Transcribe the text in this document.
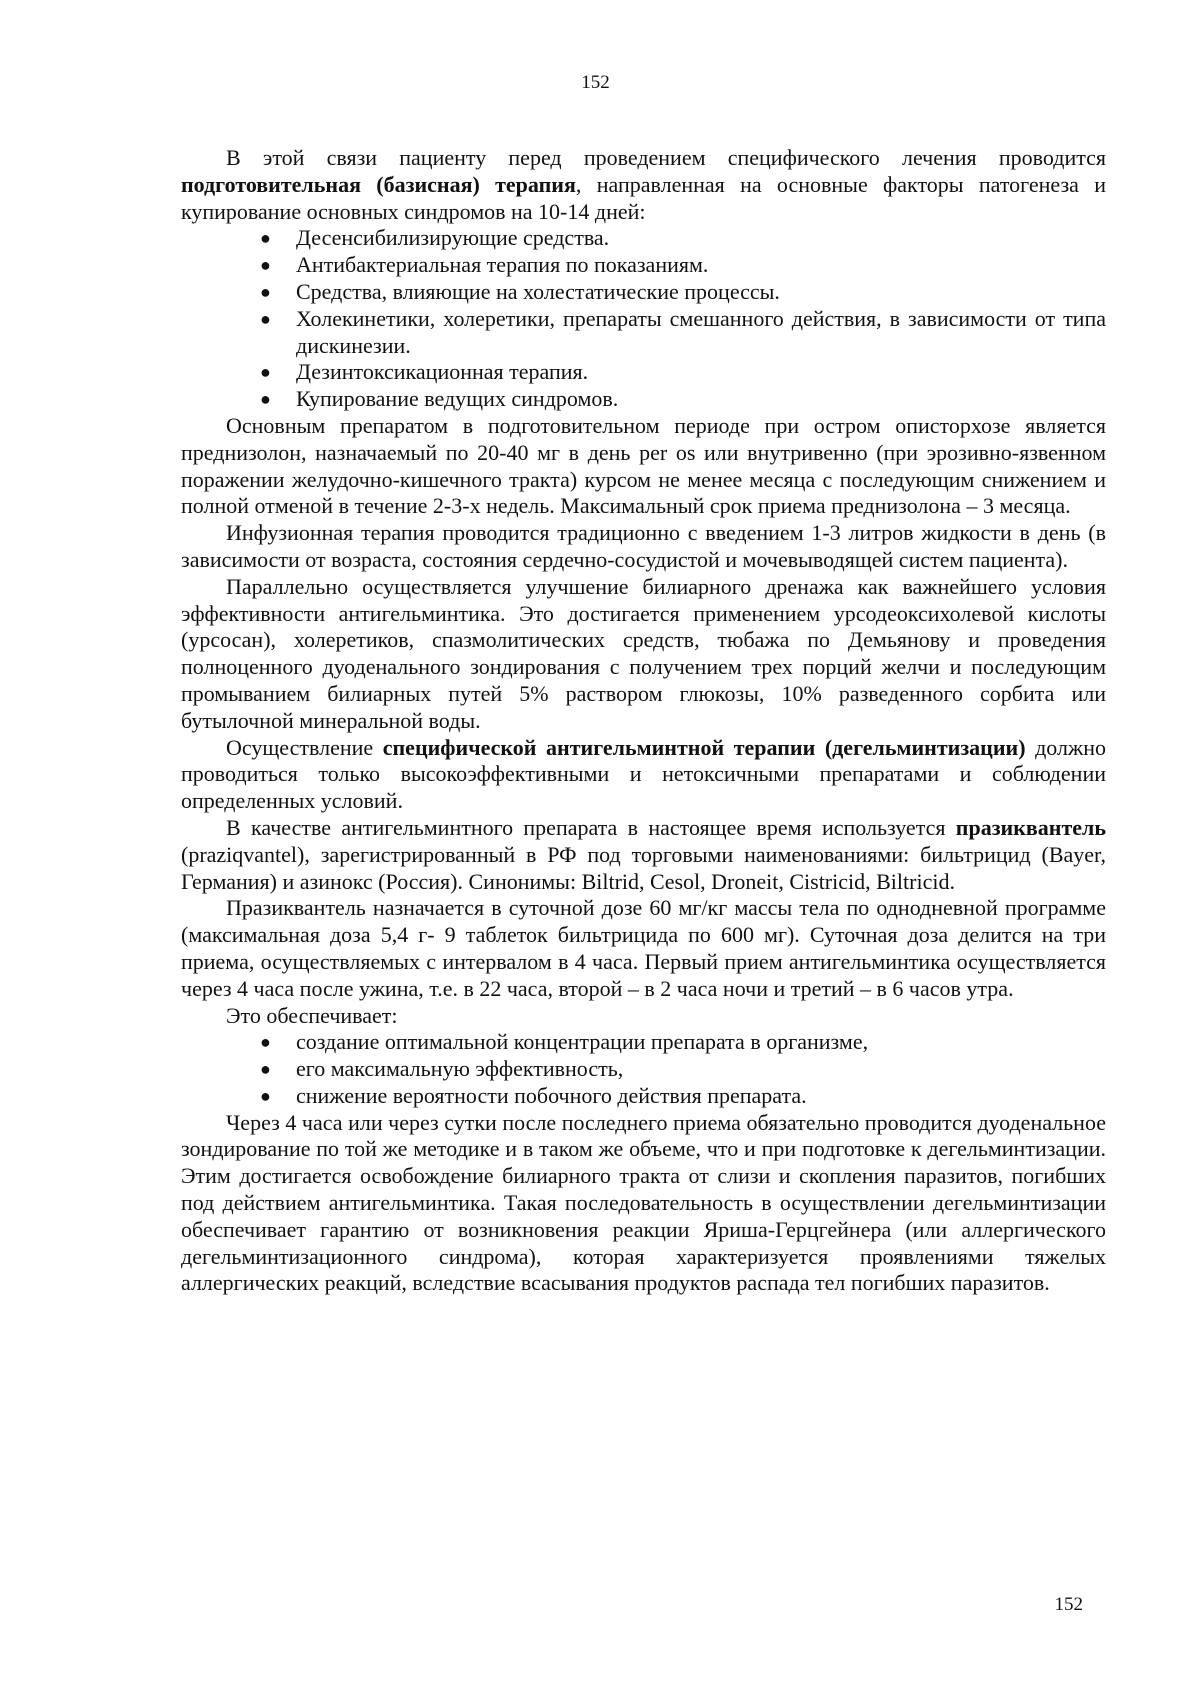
152

В этой связи пациенту перед проведением специфического лечения проводится подготовительная (базисная) терапия, направленная на основные факторы патогенеза и купирование основных синдромов на 10-14 дней:

● Десенсибилизирующие средства.
● Антибактериальная терапия по показаниям.
● Средства, влияющие на холестатические процессы.
● Холекинетики, холеретики, препараты смешанного действия, в зависимости от типа дискинезии.
● Дезинтоксикационная терапия.
● Купирование ведущих синдромов.

Основным препаратом в подготовительном периоде при остром описторхозе является преднизолон, назначаемый по 20-40 мг в день per os или внутривенно (при эрозивно-язвенном поражении желудочно-кишечного тракта) курсом не менее месяца с последующим снижением и полной отменой в течение 2-3-х недель. Максимальный срок приема преднизолона – 3 месяца.

Инфузионная терапия проводится традиционно с введением 1-3 литров жидкости в день (в зависимости от возраста, состояния сердечно-сосудистой и мочевыводящей систем пациента).

Параллельно осуществляется улучшение билиарного дренажа как важнейшего условия эффективности антигельминтика. Это достигается применением урсодеоксихолевой кислоты (урсосан), холеретиков, спазмолитических средств, тюбажа по Демьянову и проведения полноценного дуоденального зондирования с получением трех порций желчи и последующим промыванием билиарных путей 5% раствором глюкозы, 10% разведенного сорбита или бутылочной минеральной воды.

Осуществление специфической антигельминтной терапии (дегельминтизации) должно проводиться только высокоэффективными и нетоксичными препаратами и соблюдении определенных условий.

В качестве антигельминтного препарата в настоящее время используется празиквантель (praziqvantel), зарегистрированный в РФ под торговыми наименованиями: бильтрицид (Bayer, Германия) и азинокс (Россия). Синонимы: Biltrid, Cesol, Droneit, Cistricid, Biltricid.

Празиквантель назначается в суточной дозе 60 мг/кг массы тела по однодневной программе (максимальная доза 5,4 г- 9 таблеток бильтрицида по 600 мг). Суточная доза делится на три приема, осуществляемых с интервалом в 4 часа. Первый прием антигельминтика осуществляется через 4 часа после ужина, т.е. в 22 часа, второй – в 2 часа ночи и третий – в 6 часов утра.

Это обеспечивает:

● создание оптимальной концентрации препарата в организме,
● его максимальную эффективность,
● снижение вероятности побочного действия препарата.

Через 4 часа или через сутки после последнего приема обязательно проводится дуоденальное зондирование по той же методике и в таком же объеме, что и при подготовке к дегельминтизации. Этим достигается освобождение билиарного тракта от слизи и скопления паразитов, погибших под действием антигельминтика. Такая последовательность в осуществлении дегельминтизации обеспечивает гарантию от возникновения реакции Яриша-Герцгейнера (или аллергического дегельминтизационного синдрома), которая характеризуется проявлениями тяжелых аллергических реакций, вследствие всасывания продуктов распада тел погибших паразитов.

152
